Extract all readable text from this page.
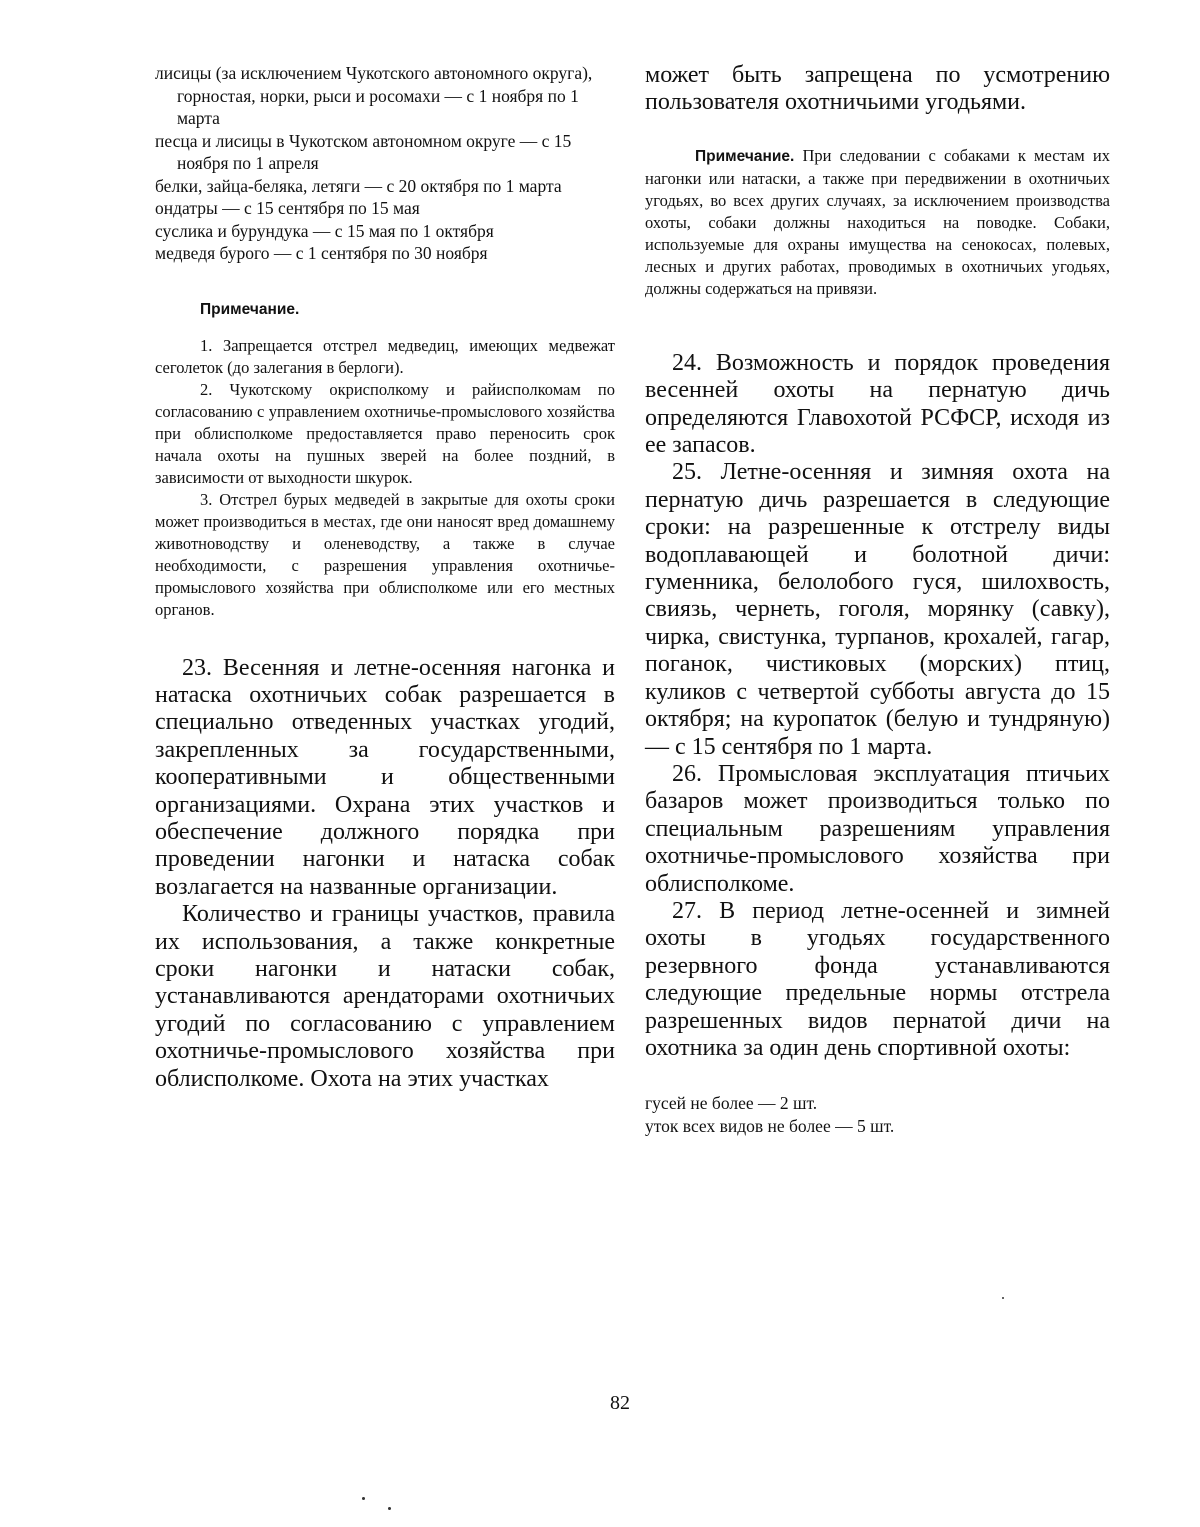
лисицы (за исключением Чукотского автономного округа), горностая, норки, рыси и росомахи — с 1 ноября по 1 марта

песца и лисицы в Чукотском автономном округе — с 15 ноября по 1 апреля

белки, зайца-беляка, летяги — с 20 октября по 1 марта

ондатры — с 15 сентября по 15 мая

суслика и бурундука — с 15 мая по 1 октября

медведя бурого — с 1 сентября по 30 ноября

Примечание.

1. Запрещается отстрел медведиц, имеющих медвежат сеголеток (до залегания в берлоги).

2. Чукотскому окрисполкому и райисполкомам по согласованию с управлением охотничье-промыслового хозяйства при облисполкоме предоставляется право переносить срок начала охоты на пушных зверей на более поздний, в зависимости от выходности шкурок.

3. Отстрел бурых медведей в закрытые для охоты сроки может производиться в местах, где они наносят вред домашнему животноводству и оленеводству, а также в случае необходимости, с разрешения управления охотничье-промыслового хозяйства при облисполкоме или его местных органов.

23. Весенняя и летне-осенняя нагонка и натаска охотничьих собак разрешается в специально отведенных участках угодий, закрепленных за государственными, кооперативными и общественными организациями. Охрана этих участков и обеспечение должного порядка при проведении нагонки и натаска собак возлагается на названные организации.

Количество и границы участков, правила их использования, а также конкретные сроки нагонки и натаски собак, устанавливаются арендаторами охотничьих угодий по согласованию с управлением охотничье-промыслового хозяйства при облисполкоме. Охота на этих участках

может быть запрещена по усмотрению пользователя охотничьими угодьями.

Примечание. При следовании с собаками к местам их нагонки или натаски, а также при передвижении в охотничьих угодьях, во всех других случаях, за исключением производства охоты, собаки должны находиться на поводке. Собаки, используемые для охраны имущества на сенокосах, полевых, лесных и других работах, проводимых в охотничьих угодьях, должны содержаться на привязи.

24. Возможность и порядок проведения весенней охоты на пернатую дичь определяются Главохотой РСФСР, исходя из ее запасов.

25. Летне-осенняя и зимняя охота на пернатую дичь разрешается в следующие сроки: на разрешенные к отстрелу виды водоплавающей и болотной дичи: гуменника, белолобого гуся, шилохвость, свиязь, чернеть, гоголя, морянку (савку), чирка, свистунка, турпанов, крохалей, гагар, поганок, чистиковых (морских) птиц, куликов с четвертой субботы августа до 15 октября; на куропаток (белую и тундряную) — с 15 сентября по 1 марта.

26. Промысловая эксплуатация птичьих базаров может производиться только по специальным разрешениям управления охотничье-промыслового хозяйства при облисполкоме.

27. В период летне-осенней и зимней охоты в угодьях государственного резервного фонда устанавливаются следующие предельные нормы отстрела разрешенных видов пернатой дичи на охотника за один день спортивной охоты:

гусей не более — 2 шт.

уток всех видов не более — 5 шт.

82
